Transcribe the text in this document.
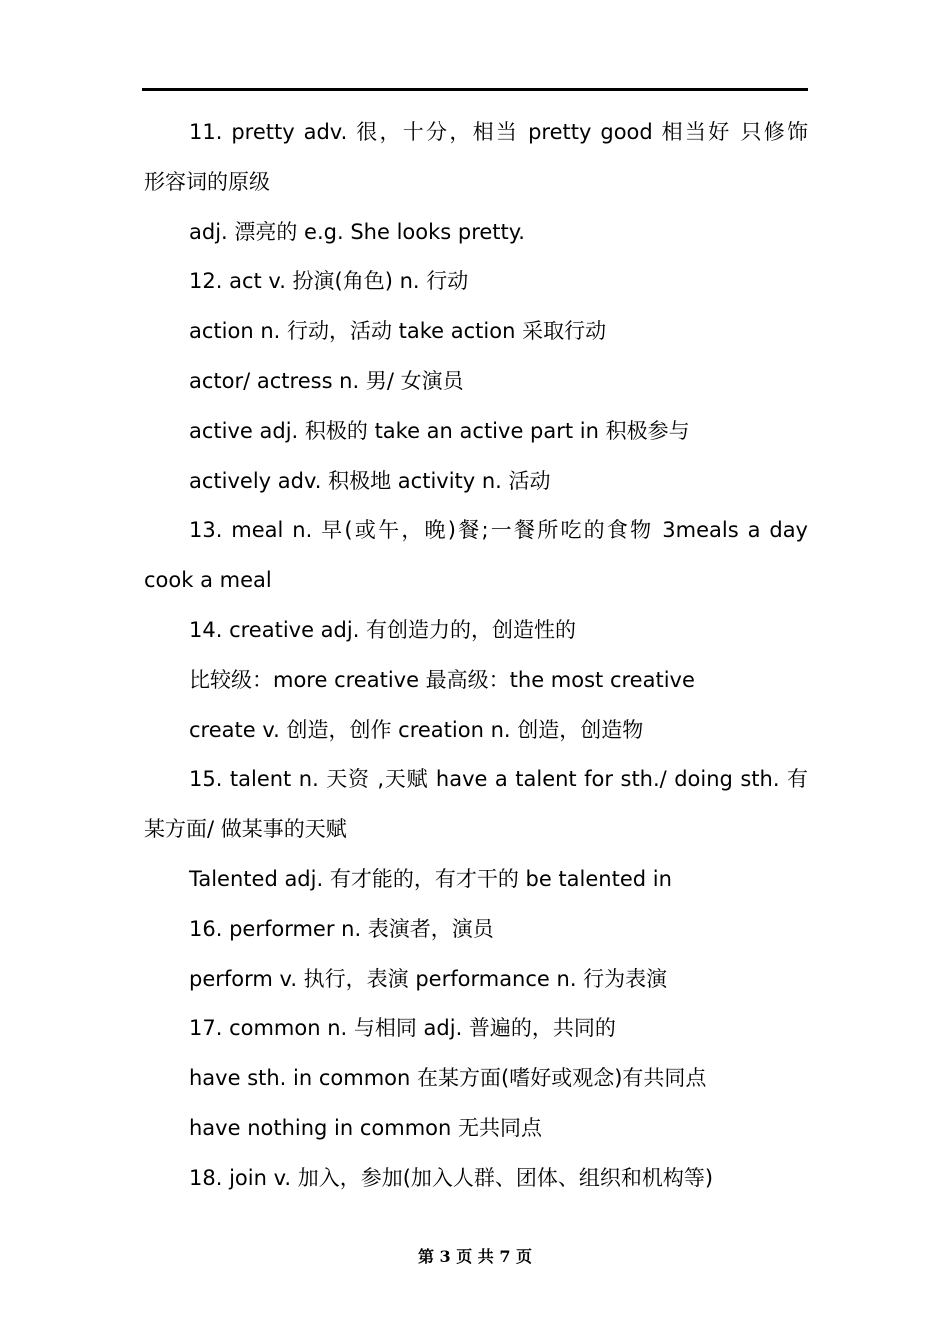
11. pretty adv. 很，十分，相当 pretty good 相当好 只修饰
形容词的原级
adj. 漂亮的 e.g. She looks pretty.
12. act v. 扮演(角色) n. 行动
action n. 行动，活动 take action 采取行动
actor/ actress n. 男/ 女演员
active adj. 积极的 take an active part in 积极参与
actively adv. 积极地 activity n. 活动
13. meal n. 早(或午，晚)餐;一餐所吃的食物 3meals a day
cook a meal
14. creative adj. 有创造力的，创造性的
比较级：more creative 最高级：the most creative
create v. 创造，创作 creation n. 创造，创造物
15. talent n. 天资 ,天赋 have a talent for sth./ doing sth. 有
某方面/ 做某事的天赋
Talented adj. 有才能的，有才干的 be talented in
16. performer n. 表演者，演员
perform v. 执行，表演 performance n. 行为表演
17. common n. 与相同 adj. 普遍的，共同的
have sth. in common 在某方面(嗜好或观念)有共同点
have nothing in common 无共同点
18. join v. 加入，参加(加入人群、团体、组织和机构等)
第 3 页 共 7 页
